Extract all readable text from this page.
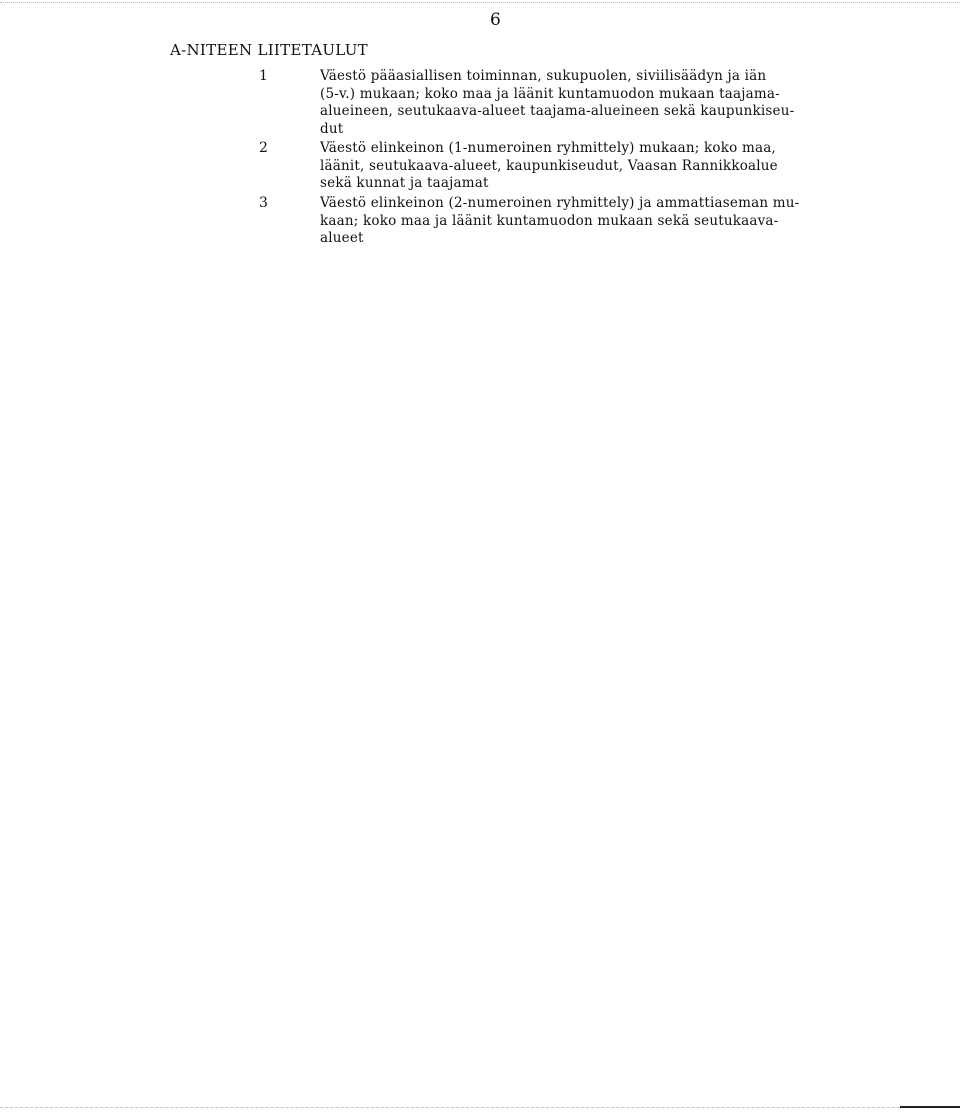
6
A-NITEEN LIITETAULUT
1	Väestö pääasiallisen toiminnan, sukupuolen, siviilisäädyn ja iän
(5-v.) mukaan; koko maa ja läänit kuntamuodon mukaan taajama-
alueineen, seutukaava-alueet taajama-alueineen sekä kaupunkiseu-
dut
2	Väestö elinkeinon (1-numeroinen ryhmittely) mukaan; koko maa,
läänit, seutukaava-alueet, kaupunkiseudut, Vaasan Rannikkoalue
sekä kunnat ja taajamat
3	Väestö elinkeinon (2-numeroinen ryhmittely) ja ammattiaseman mu-
kaan; koko maa ja läänit kuntamuodon mukaan sekä seutukaava-
alueet
